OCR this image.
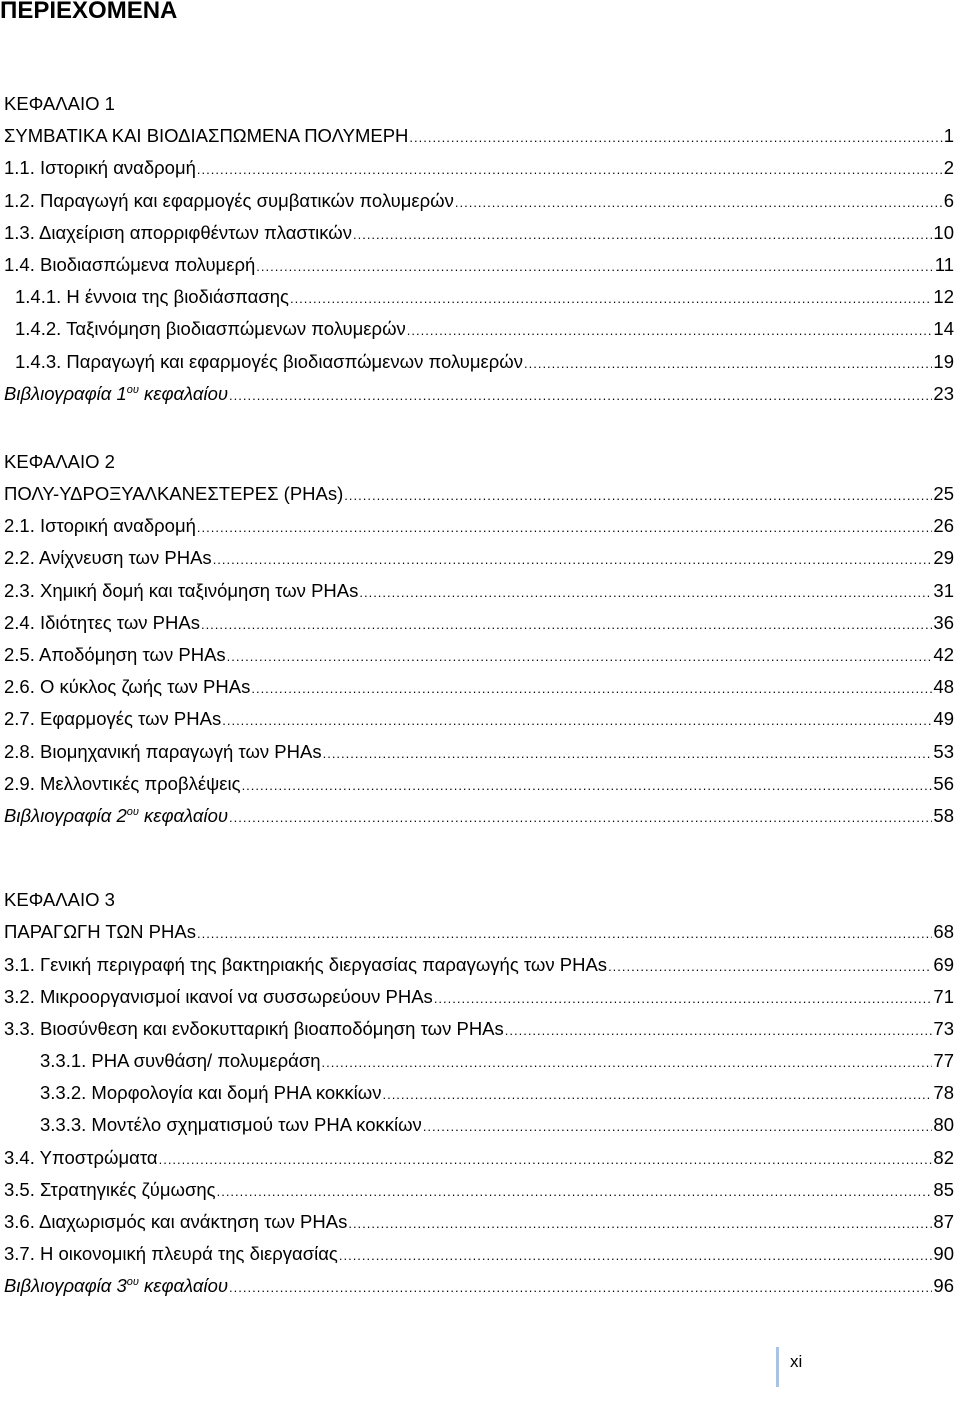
ΠΕΡΙΕΧΟΜΕΝΑ
ΚΕΦΑΛΑΙΟ 1
ΣΥΜΒΑΤΙΚΑ ΚΑΙ ΒΙΟΔΙΑΣΠΩΜΕΝΑ ΠΟΛΥΜΕΡΗ .....	1
1.1. Ιστορική αναδρομή .....	2
1.2. Παραγωγή και εφαρμογές συμβατικών πολυμερών .....	6
1.3. Διαχείριση απορριφθέντων πλαστικών .....	10
1.4. Βιοδιασπώμενα πολυμερή .....	11
1.4.1. Η έννοια της βιοδιάσπασης .....	12
1.4.2. Ταξινόμηση βιοδιασπώμενων πολυμερών .....	14
1.4.3. Παραγωγή και εφαρμογές βιοδιασπώμενων πολυμερών .....	19
Βιβλιογραφία $1^{o\upsilon}$ κεφαλαίου .....	23
ΚΕΦΑΛΑΙΟ 2
ΠΟΛΥ-ΥΔΡΟΞΥΑΛΚΑΝΕΣΤΕΡΕΣ (PHAs) .....	25
2.1. Ιστορική αναδρομή .....	26
2.2. Ανίχνευση των PHAs .....	29
2.3. Χημική δομή και ταξινόμηση των PHAs .....	31
2.4. Ιδιότητες των PHAs .....	36
2.5. Αποδόμηση των PHAs .....	42
2.6. Ο κύκλος ζωής των PHAs .....	48
2.7. Εφαρμογές των PHAs .....	49
2.8. Βιομηχανική παραγωγή των PHAs .....	53
2.9. Μελλοντικές προβλέψεις .....	56
Βιβλιογραφία $2^{o\upsilon}$ κεφαλαίου .....	58
ΚΕΦΑΛΑΙΟ 3
ΠΑΡΑΓΩΓΗ ΤΩΝ PHAs .....	68
3.1. Γενική περιγραφή της βακτηριακής διεργασίας παραγωγής των PHAs .....	69
3.2. Μικροοργανισμοί ικανοί να συσσωρεύουν PHAs .....	71
3.3. Βιοσύνθεση και ενδοκυτταρική βιοαποδόμηση των PHAs .....	73
3.3.1. PHA συνθάση/ πολυμεράση .....	77
3.3.2. Μορφολογία και δομή PHA κοκκίων .....	78
3.3.3. Μοντέλο σχηματισμού των PHA κοκκίων .....	80
3.4. Υποστρώματα .....	82
3.5. Στρατηγικές ζύμωσης .....	85
3.6. Διαχωρισμός και ανάκτηση των PHAs .....	87
3.7. Η οικονομική πλευρά της διεργασίας .....	90
Βιβλιογραφία $3^{o\upsilon}$ κεφαλαίου .....	96
xi
